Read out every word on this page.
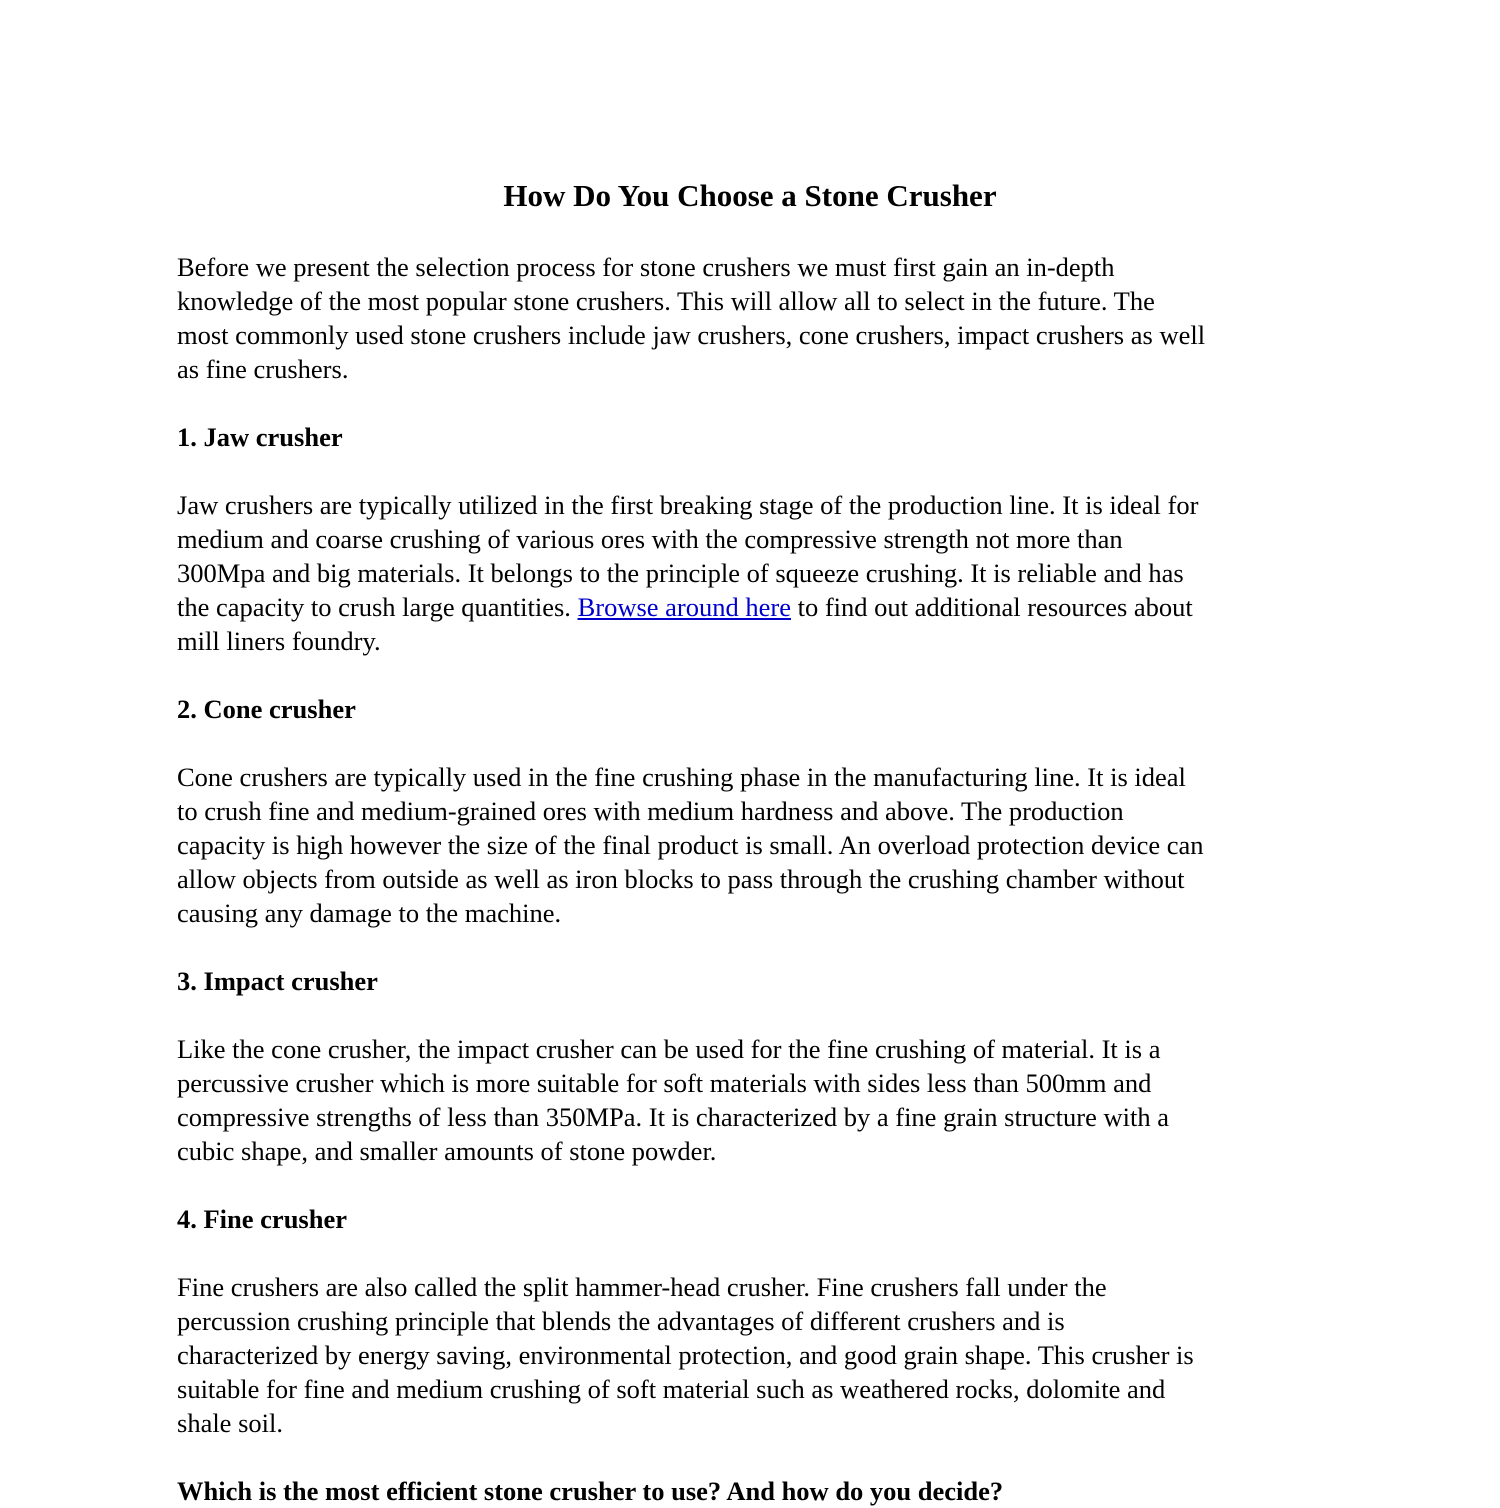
How Do You Choose a Stone Crusher

Before we present the selection process for stone crushers we must first gain an in-depth
knowledge of the most popular stone crushers. This will allow all to select in the future. The
most commonly used stone crushers include jaw crushers, cone crushers, impact crushers as well
as fine crushers.

1. Jaw crusher

Jaw crushers are typically utilized in the first breaking stage of the production line. It is ideal for
medium and coarse crushing of various ores with the compressive strength not more than
300Mpa and big materials. It belongs to the principle of squeeze crushing. It is reliable and has
the capacity to crush large quantities. Browse around here to find out additional resources about
mill liners foundry.

2. Cone crusher

Cone crushers are typically used in the fine crushing phase in the manufacturing line. It is ideal
to crush fine and medium-grained ores with medium hardness and above. The production
capacity is high however the size of the final product is small. An overload protection device can
allow objects from outside as well as iron blocks to pass through the crushing chamber without
causing any damage to the machine.

3. Impact crusher

Like the cone crusher, the impact crusher can be used for the fine crushing of material. It is a
percussive crusher which is more suitable for soft materials with sides less than 500mm and
compressive strengths of less than 350MPa. It is characterized by a fine grain structure with a
cubic shape, and smaller amounts of stone powder.

4. Fine crusher

Fine crushers are also called the split hammer-head crusher. Fine crushers fall under the
percussion crushing principle that blends the advantages of different crushers and is
characterized by energy saving, environmental protection, and good grain shape. This crusher is
suitable for fine and medium crushing of soft material such as weathered rocks, dolomite and
shale soil.

Which is the most efficient stone crusher to use? And how do you decide?
